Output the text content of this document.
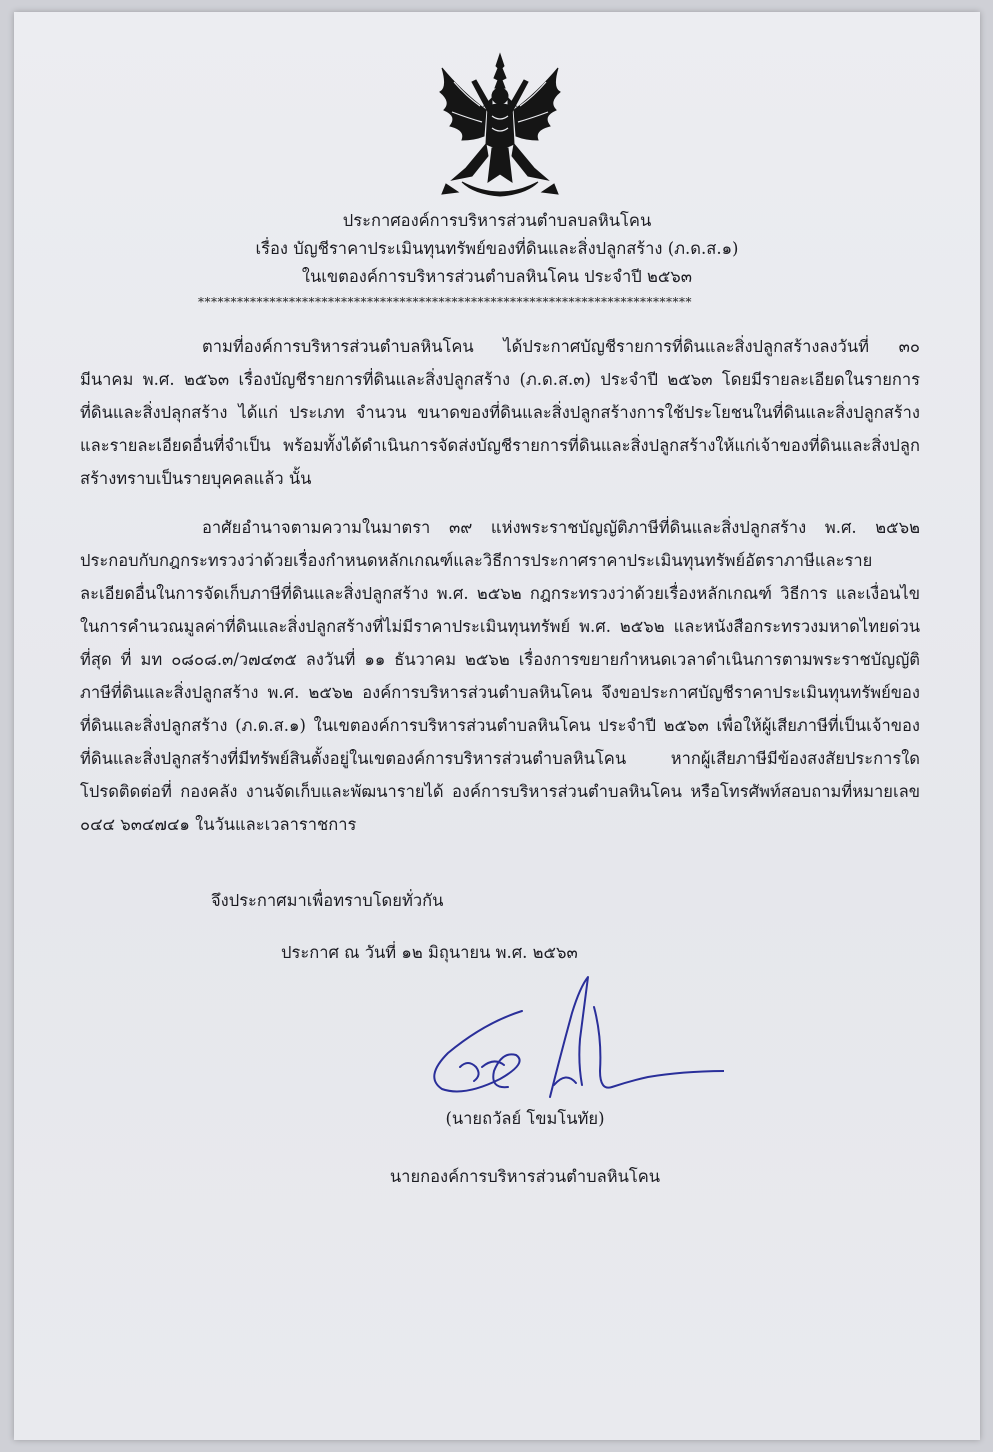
ประกาศองค์การบริหารส่วนตำบลบลหินโคน
เรื่อง บัญชีราคาประเมินทุนทรัพย์ของที่ดินและสิ่งปลูกสร้าง (ภ.ด.ส.๑)
ในเขตองค์การบริหารส่วนตำบลหินโคน ประจำปี ๒๕๖๓
****************************************************************************

ตามที่องค์การบริหารส่วนตำบลหินโคน ได้ประกาศบัญชีรายการที่ดินและสิ่งปลูกสร้างลงวันที่ ๓๐ มีนาคม พ.ศ. ๒๕๖๓ เรื่องบัญชีรายการที่ดินและสิ่งปลูกสร้าง (ภ.ด.ส.๓) ประจำปี ๒๕๖๓ โดยมีรายละเอียดในรายการที่ดินและสิ่งปลุกสร้าง ได้แก่ ประเภท จำนวน ขนาดของที่ดินและสิ่งปลูกสร้างการใช้ประโยชนในที่ดินและสิ่งปลูกสร้าง และรายละเอียดอื่นที่จำเป็น พร้อมทั้งได้ดำเนินการจัดส่งบัญชีรายการที่ดินและสิ่งปลูกสร้างให้แก่เจ้าของที่ดินและสิ่งปลูกสร้างทราบเป็นรายบุคคลแล้ว นั้น

อาศัยอำนาจตามความในมาตรา ๓๙ แห่งพระราชบัญญัติภาษีที่ดินและสิ่งปลูกสร้าง พ.ศ. ๒๕๖๒ ประกอบกับกฎกระทรวงว่าด้วยเรื่องกำหนดหลักเกณฑ์และวิธีการประกาศราคาประเมินทุนทรัพย์อัตราภาษีและรายละเอียดอื่นในการจัดเก็บภาษีที่ดินและสิ่งปลูกสร้าง พ.ศ. ๒๕๖๒ กฎกระทรวงว่าด้วยเรื่องหลักเกณฑ์ วิธีการ และเงื่อนไข ในการคำนวณมูลค่าที่ดินและสิ่งปลูกสร้างที่ไม่มีราคาประเมินทุนทรัพย์ พ.ศ. ๒๕๖๒ และหนังสือกระทรวงมหาดไทยด่วนที่สุด ที่ มท ๐๘๐๘.๓/ว๗๔๓๕ ลงวันที่ ๑๑ ธันวาคม ๒๕๖๒ เรื่องการขยายกำหนดเวลาดำเนินการตามพระราชบัญญัติภาษีที่ดินและสิ่งปลูกสร้าง พ.ศ. ๒๕๖๒ องค์การบริหารส่วนตำบลหินโคน จึงขอประกาศบัญชีราคาประเมินทุนทรัพย์ของที่ดินและสิ่งปลูกสร้าง (ภ.ด.ส.๑) ในเขตองค์การบริหารส่วนตำบลหินโคน ประจำปี ๒๕๖๓ เพื่อให้ผู้เสียภาษีที่เป็นเจ้าของที่ดินและสิ่งปลูกสร้างที่มีทรัพย์สินตั้งอยู่ในเขตองค์การบริหารส่วนตำบลหินโคน หากผู้เสียภาษีมีข้องสงสัยประการใด โปรดติดต่อที่ กองคลัง งานจัดเก็บและพัฒนารายได้ องค์การบริหารส่วนตำบลหินโคน หรือโทรศัพท์สอบถามที่หมายเลข ๐๔๔ ๖๓๔๗๔๑ ในวันและเวลาราชการ

จึงประกาศมาเพื่อทราบโดยทั่วกัน
ประกาศ ณ วันที่ ๑๒ มิถุนายน พ.ศ. ๒๕๖๓
(นายถวัลย์ โขมโนทัย)
นายกองค์การบริหารส่วนตำบลหินโคน
